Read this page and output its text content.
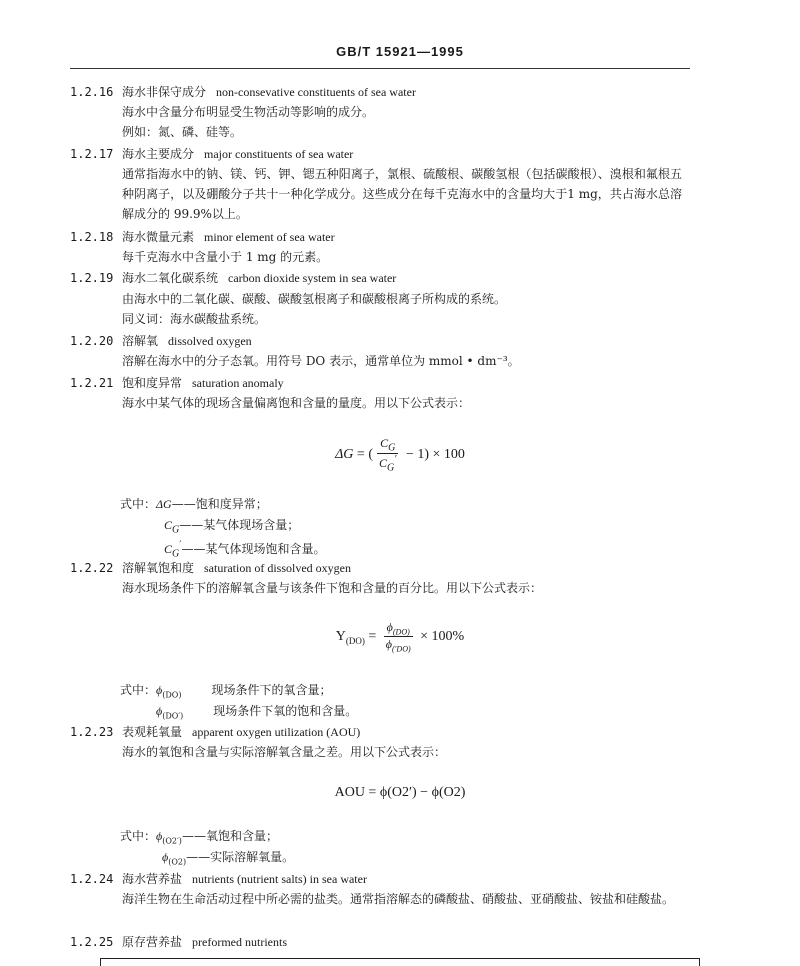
GB/T 15921—1995
1.2.16 海水非保守成分 non-consevative constituents of sea water
海水中含量分布明显受生物活动等影响的成分。
例如：氮、磷、硅等。
1.2.17 海水主要成分 major constituents of sea water
通常指海水中的钠、镁、钙、钾、锶五种阳离子，氯根、硫酸根、碳酸氢根（包括碳酸根）、溴根和氟根五种阴离子，以及硼酸分子共十一种化学成分。这些成分在每千克海水中的含量均大于1 mg，共占海水总溶解成分的 99.9%以上。
1.2.18 海水微量元素 minor element of sea water
每千克海水中含量小于 1 mg 的元素。
1.2.19 海水二氧化碳系统 carbon dioxide system in sea water
由海水中的二氧化碳、碳酸、碳酸氢根离子和碳酸根离子所构成的系统。
同义词：海水碳酸盐系统。
1.2.20 溶解氧 dissolved oxygen
溶解在海水中的分子态氧。用符号 DO 表示，通常单位为 mmol • dm⁻³。
1.2.21 饱和度异常 saturation anomaly
海水中某气体的现场含量偏离饱和含量的量度。用以下公式表示：
ΔG = ( $\frac{C_G}{C_G'} - 1) \times 100$
式中： ΔG——饱和度异常；
$C_G——$某气体现场含量；
$C_G'——$某气体现场饱和含量。
1.2.22 溶解氧饱和度 saturation of dissolved oxygen
海水现场条件下的溶解氧含量与该条件下饱和含量的百分比。用以下公式表示：
$Y_{(DO)} = \frac{\phi_{(DO)}}{\phi_{('DO)}} \times 100\%$
式中： $\phi_{(DO)}$	现场条件下的氧含量；
$\phi_{(DO')}$	现场条件下氧的饱和含量。
1.2.23 表观耗氧量 apparent oxygen utilization (AOU)
海水的氧饱和含量与实际溶解氧含量之差。用以下公式表示：
AOU = ϕ(O2′) − ϕ(O2)
式中： $\phi_{(O2')}——$氧饱和含量；
$\phi_{(O2)}——$实际溶解氧量。
1.2.24 海水营养盐 nutrients (nutrient salts) in sea water
海洋生物在生命活动过程中所必需的盐类。通常指溶解态的磷酸盐、硝酸盐、亚硝酸盐、铵盐和硅酸盐。
1.2.25 原存营养盐 preformed nutrients
